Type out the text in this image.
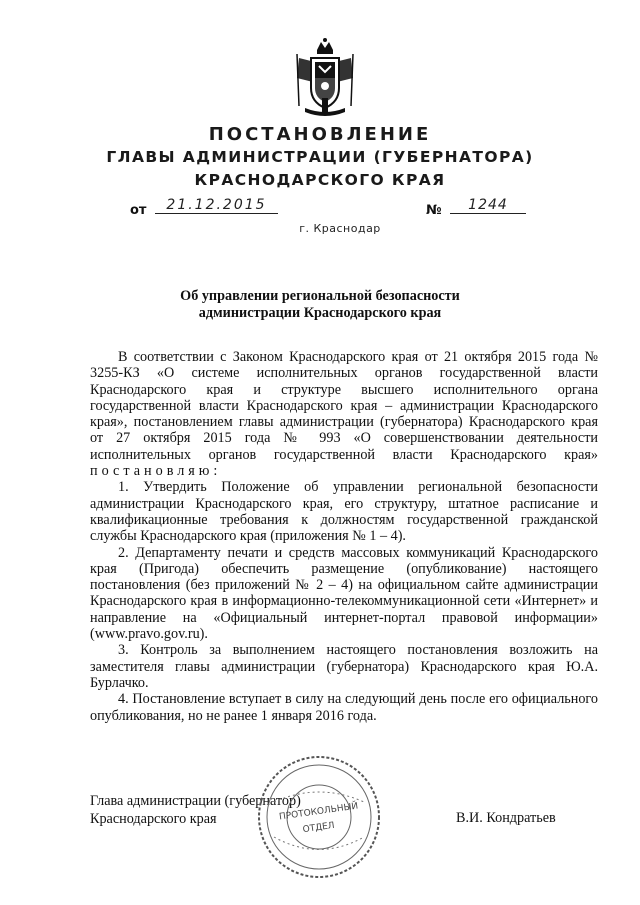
ПОСТАНОВЛЕНИЕ
ГЛАВЫ АДМИНИСТРАЦИИ (ГУБЕРНАТОРА)
КРАСНОДАРСКОГО КРАЯ
от	21.12.2015	№	1244
г. Краснодар
Об управлении региональной безопасности
администрации Краснодарского края

В соответствии с Законом Краснодарского края от 21 октября 2015 года № 3255-КЗ «О системе исполнительных органов государственной власти Краснодарского края и структуре высшего исполнительного органа государственной власти Краснодарского края – администрации Краснодарского края», постановлением главы администрации (губернатора) Краснодарского края от 27 октября 2015 года № 993 «О совершенствовании деятельности исполнительных органов государственной власти Краснодарского края» постановляю:

1. Утвердить Положение об управлении региональной безопасности администрации Краснодарского края, его структуру, штатное расписание и квалификационные требования к должностям государственной гражданской службы Краснодарского края (приложения № 1 – 4).

2. Департаменту печати и средств массовых коммуникаций Краснодарского края (Пригода) обеспечить размещение (опубликование) настоящего постановления (без приложений № 2 – 4) на официальном сайте администрации Краснодарского края в информационно-телекоммуникационной сети «Интернет» и направление на «Официальный интернет-портал правовой информации» (www.pravo.gov.ru).

3. Контроль за выполнением настоящего постановления возложить на заместителя главы администрации (губернатора) Краснодарского края Ю.А. Бурлачко.

4. Постановление вступает в силу на следующий день после его официального опубликования, но не ранее 1 января 2016 года.

Глава администрации (губернатор)
Краснодарского края	В.И. Кондратьев
ПРОТОКОЛЬНЫЙ
ОТДЕЛ
